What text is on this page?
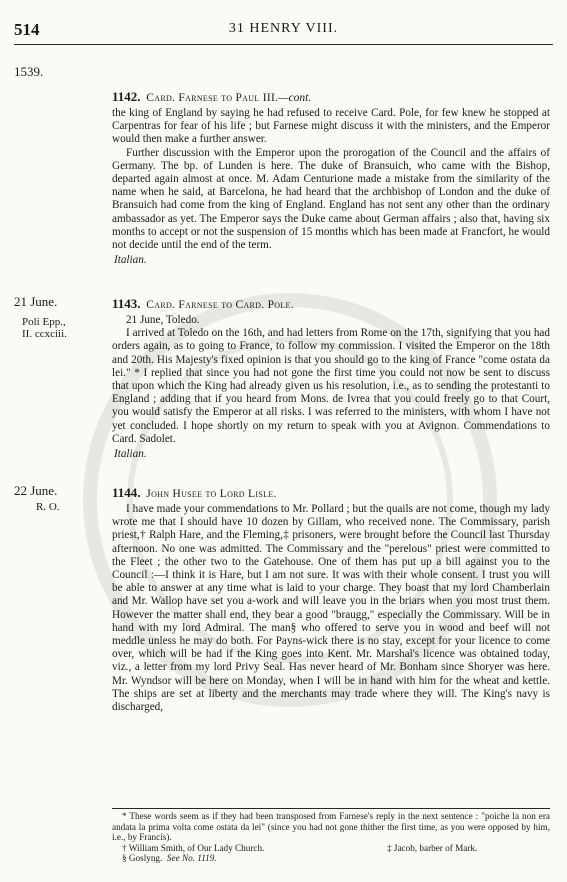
514	31 HENRY VIII.
1539.
1142. Card. Farnese to Paul III.—cont.

the king of England by saying he had refused to receive Card. Pole, for few knew he stopped at Carpentras for fear of his life ; but Farnese might discuss it with the ministers, and the Emperor would then make a further answer.

Further discussion with the Emperor upon the prorogation of the Council and the affairs of Germany. The bp. of Lunden is here. The duke of Bransuich, who came with the Bishop, departed again almost at once. M. Adam Centurione made a mistake from the similarity of the name when he said, at Barcelona, he had heard that the archbishop of London and the duke of Bransuich had come from the king of England. England has not sent any other than the ordinary ambassador as yet. The Emperor says the Duke came about German affairs ; also that, having six months to accept or not the suspension of 15 months which has been made at Francfort, he would not decide until the end of the term.

Italian.

21 June.
Poli Epp.,
II. ccxciii.
1143. Card. Farnese to Card. Pole.

21 June, Toledo.

I arrived at Toledo on the 16th, and had letters from Rome on the 17th, signifying that you had orders again, as to going to France, to follow my commission. I visited the Emperor on the 18th and 20th. His Majesty's fixed opinion is that you should go to the king of France "come ostata da lei." * I replied that since you had not gone the first time you could not now be sent to discuss that upon which the King had already given us his resolution, i.e., as to sending the protestanti to England ; adding that if you heard from Mons. de Ivrea that you could freely go to that Court, you would satisfy the Emperor at all risks. I was referred to the ministers, with whom I have not yet concluded. I hope shortly on my return to speak with you at Avignon. Commendations to Card. Sadolet.

Italian.

22 June.
R. O.
1144. John Husee to Lord Lisle.

I have made your commendations to Mr. Pollard ; but the quails are not come, though my lady wrote me that I should have 10 dozen by Gillam, who received none. The Commissary, parish priest,† Ralph Hare, and the Fleming,‡ prisoners, were brought before the Council last Thursday afternoon. No one was admitted. The Commissary and the "perelous" priest were committed to the Fleet ; the other two to the Gatehouse. One of them has put up a bill against you to the Council :—I think it is Hare, but I am not sure. It was with their whole consent. I trust you will be able to answer at any time what is laid to your charge. They boast that my lord Chamberlain and Mr. Wallop have set you a-work and will leave you in the briars when you most trust them. However the matter shall end, they bear a good "braugg," especially the Commissary. Will be in hand with my lord Admiral. The man§ who offered to serve you in wood and beef will not meddle unless he may do both. For Payns-wick there is no stay, except for your licence to come over, which will be had if the King goes into Kent. Mr. Marshal's licence was obtained today, viz., a letter from my lord Privy Seal. Has never heard of Mr. Bonham since Shoryer was here. Mr. Wyndsor will be here on Monday, when I will be in hand with him for the wheat and kettle. The ships are set at liberty and the merchants may trade where they will. The King's navy is discharged,

* These words seem as if they had been transposed from Farnese's reply in the next sentence : "poiche la non era andata la prima volta come ostata da lei" (since you had not gone thither the first time, as you were opposed by him, i.e., by Francis).

† William Smith, of Our Lady Church.	‡ Jacob, barber of Mark.

§ Goslyng. See No. 1119.
